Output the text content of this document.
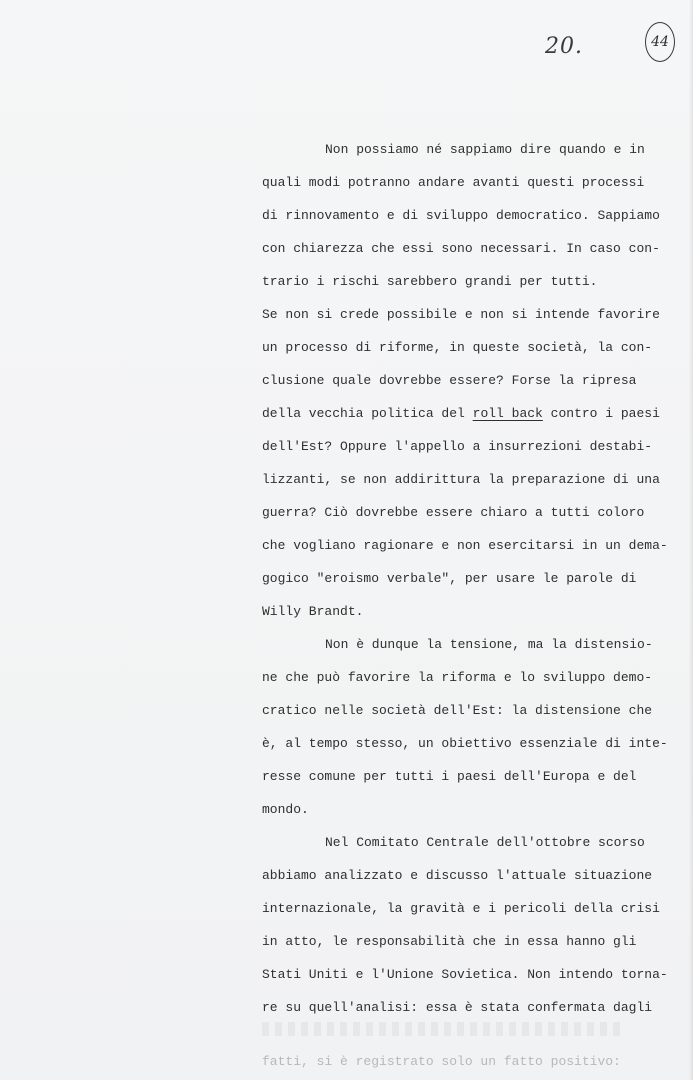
20.	44
Non possiamo né sappiamo dire quando e in
quali modi potranno andare avanti questi processi
di rinnovamento e di sviluppo democratico. Sappiamo
con chiarezza che essi sono necessari. In caso con-
trario i rischi sarebbero grandi per tutti.
Se non si crede possibile e non si intende favorire
un processo di riforme, in queste società, la con-
clusione quale dovrebbe essere? Forse la ripresa
della vecchia politica del roll back contro i paesi
dell'Est? Oppure l'appello a insurrezioni destabi-
lizzanti, se non addirittura la preparazione di una
guerra? Ciò dovrebbe essere chiaro a tutti coloro
che vogliano ragionare e non esercitarsi in un dema-
gogico "eroismo verbale", per usare le parole di
Willy Brandt.
Non è dunque la tensione, ma la distensio-
ne che può favorire la riforma e lo sviluppo demo-
cratico nelle società dell'Est: la distensione che
è, al tempo stesso, un obiettivo essenziale di inte-
resse comune per tutti i paesi dell'Europa e del
mondo.
Nel Comitato Centrale dell'ottobre scorso
abbiamo analizzato e discusso l'attuale situazione
internazionale, la gravità e i pericoli della crisi
in atto, le responsabilità che in essa hanno gli
Stati Uniti e l'Unione Sovietica. Non intendo torna-
re su quell'analisi: essa è stata confermata dagli
fatti, si è registrato solo un fatto positivo:
